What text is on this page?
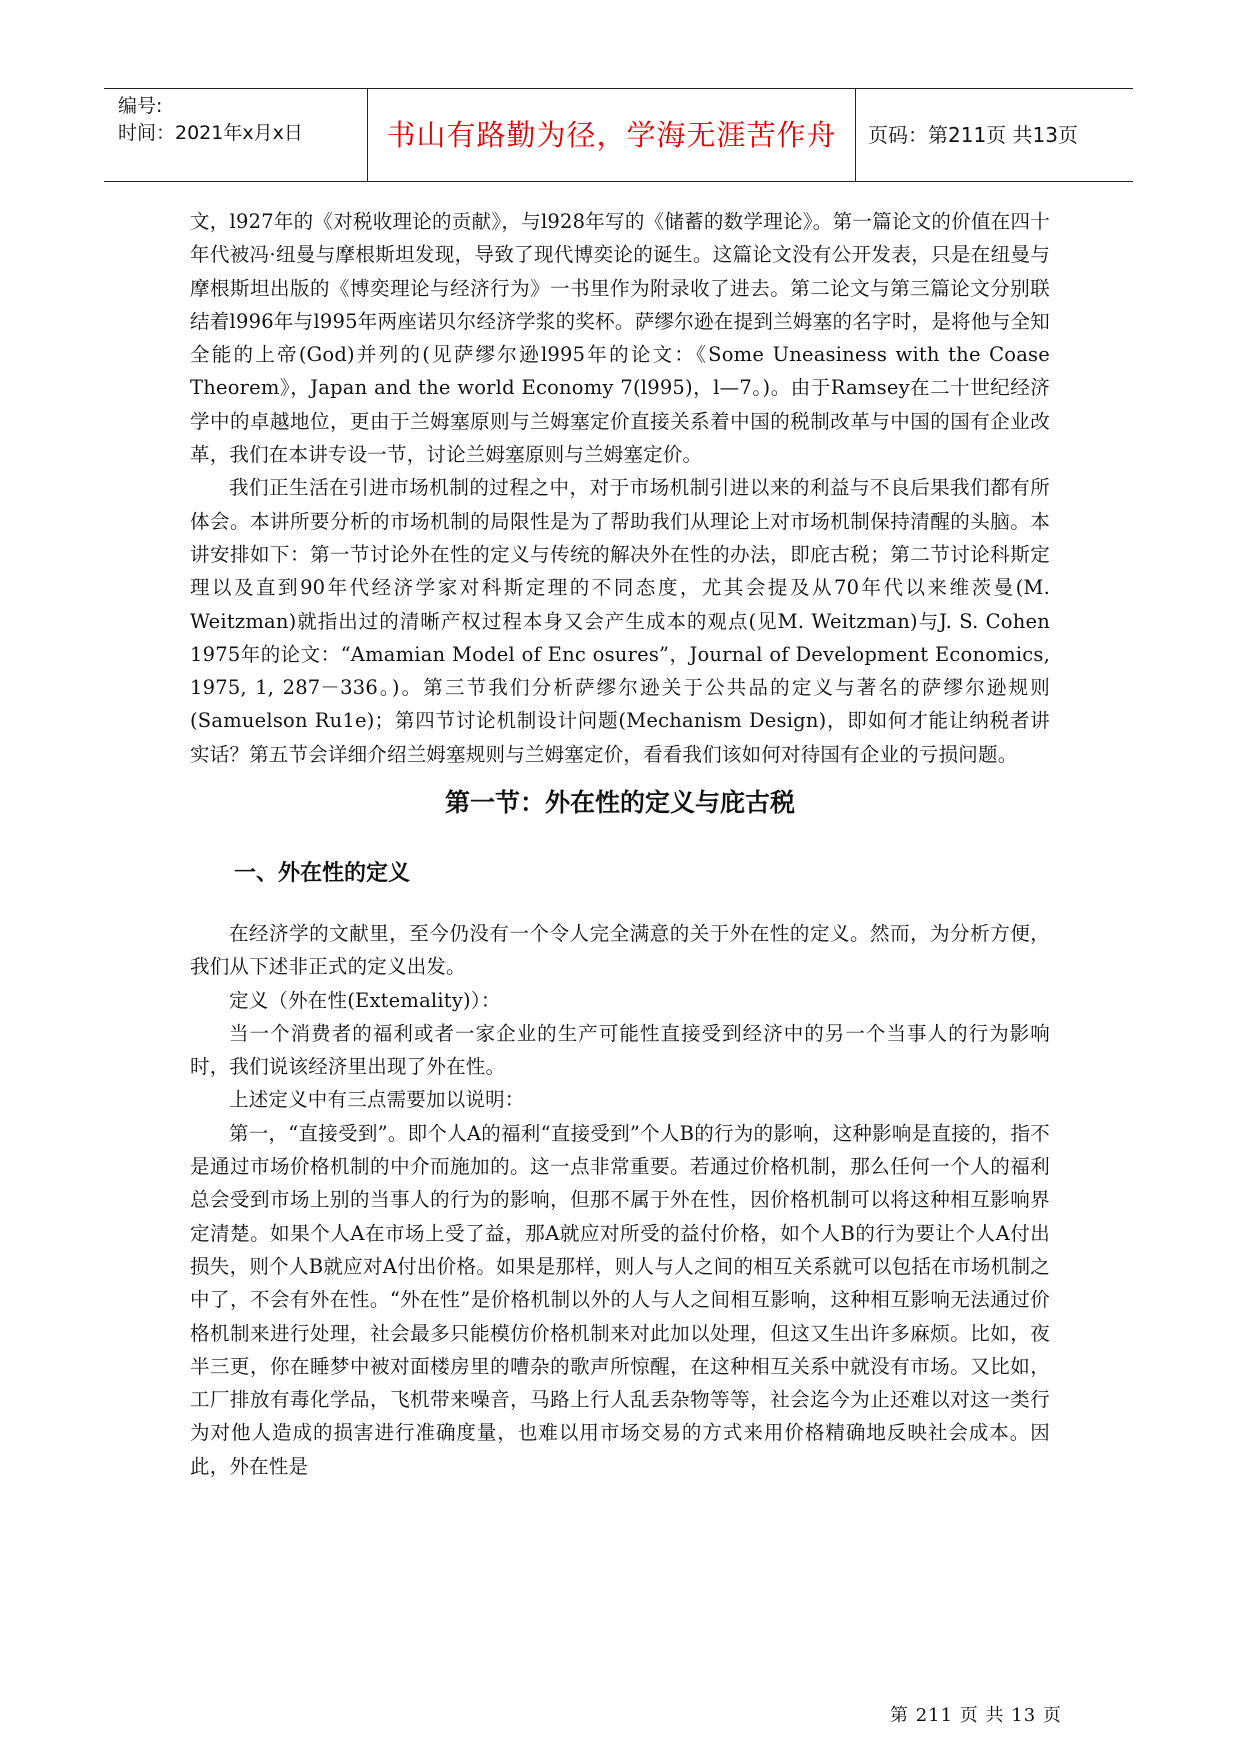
编号:
时间：2021年x月x日	书山有路勤为径，学海无涯苦作舟	页码：第211页 共13页

文，l927年的《对税收理论的贡献》，与l928年写的《储蓄的数学理论》。第一篇论文的价值在四十年代被冯·纽曼与摩根斯坦发现，导致了现代博奕论的诞生。这篇论文没有公开发表，只是在纽曼与摩根斯坦出版的《博奕理论与经济行为》一书里作为附录收了进去。第二论文与第三篇论文分别联结着l996年与l995年两座诺贝尔经济学浆的奖杯。萨缪尔逊在提到兰姆塞的名字时，是将他与全知全能的上帝(God)并列的(见萨缪尔逊l995年的论文：《Some Uneasiness with the Coase Theorem》，Japan and the world Economy 7(l995)，l—7。)。由于Ramsey在二十世纪经济学中的卓越地位，更由于兰姆塞原则与兰姆塞定价直接关系着中国的税制改革与中国的国有企业改革，我们在本讲专设一节，讨论兰姆塞原则与兰姆塞定价。

我们正生活在引进市场机制的过程之中，对于市场机制引进以来的利益与不良后果我们都有所体会。本讲所要分析的市场机制的局限性是为了帮助我们从理论上对市场机制保持清醒的头脑。本讲安排如下：第一节讨论外在性的定义与传统的解决外在性的办法，即庇古税；第二节讨论科斯定理以及直到90年代经济学家对科斯定理的不同态度，尤其会提及从70年代以来维茨曼(M. Weitzman)就指出过的清晰产权过程本身又会产生成本的观点(见M. Weitzman)与J. S. Cohen 1975年的论文：“Amamian Model of Enc osures”，Journal of Development Economics, 1975, 1, 287－336。)。第三节我们分析萨缪尔逊关于公共品的定义与著名的萨缪尔逊规则(Samuelson Ru1e)；第四节讨论机制设计问题(Mechanism Design)，即如何才能让纳税者讲实话？第五节会详细介绍兰姆塞规则与兰姆塞定价，看看我们该如何对待国有企业的亏损问题。

第一节：外在性的定义与庇古税
一、外在性的定义

在经济学的文献里，至今仍没有一个令人完全满意的关于外在性的定义。然而，为分析方便，我们从下述非正式的定义出发。

定义（外在性(Extemality)）：

当一个消费者的福利或者一家企业的生产可能性直接受到经济中的另一个当事人的行为影响时，我们说该经济里出现了外在性。

上述定义中有三点需要加以说明：

第一，“直接受到”。即个人A的福利“直接受到”个人B的行为的影响，这种影响是直接的，指不是通过市场价格机制的中介而施加的。这一点非常重要。若通过价格机制，那么任何一个人的福利总会受到市场上别的当事人的行为的影响，但那不属于外在性，因价格机制可以将这种相互影响界定清楚。如果个人A在市场上受了益，那A就应对所受的益付价格，如个人B的行为要让个人A付出损失，则个人B就应对A付出价格。如果是那样，则人与人之间的相互关系就可以包括在市场机制之中了，不会有外在性。“外在性”是价格机制以外的人与人之间相互影响，这种相互影响无法通过价格机制来进行处理，社会最多只能模仿价格机制来对此加以处理，但这又生出许多麻烦。比如，夜半三更，你在睡梦中被对面楼房里的嘈杂的歌声所惊醒，在这种相互关系中就没有市场。又比如，工厂排放有毒化学品，飞机带来噪音，马路上行人乱丢杂物等等，社会迄今为止还难以对这一类行为对他人造成的损害进行准确度量，也难以用市场交易的方式来用价格精确地反映社会成本。因此，外在性是

第 211 页 共 13 页
